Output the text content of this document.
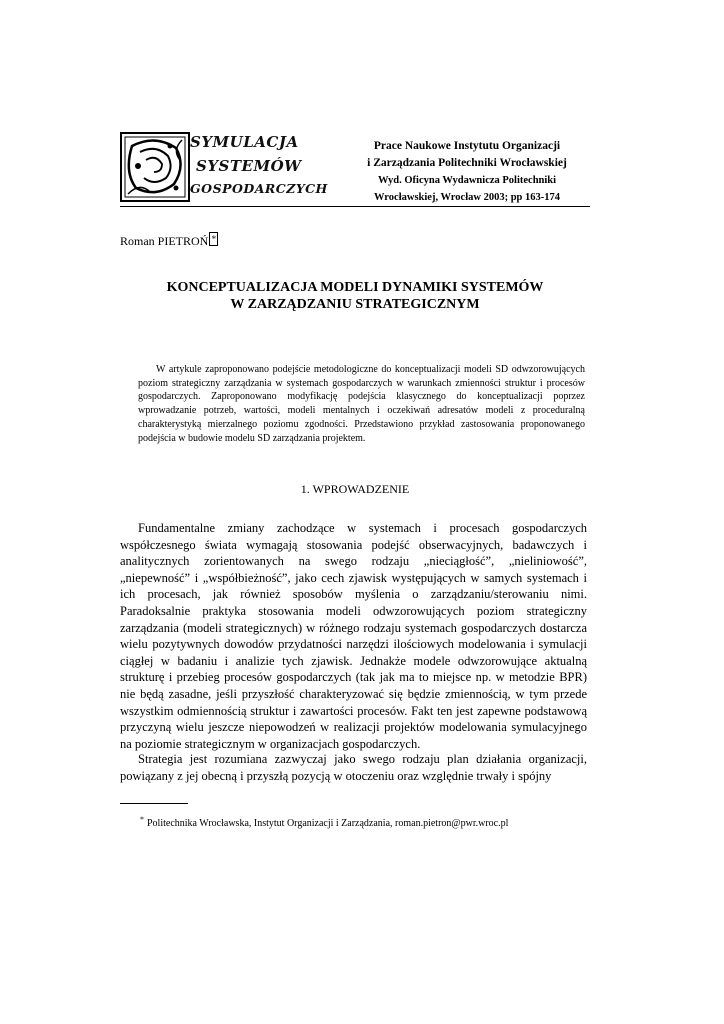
SYMULACJA
SYSTEMÓW
GOSPODARCZYCH
Prace Naukowe Instytutu Organizacji
i Zarządzania Politechniki Wrocławskiej
Wyd. Oficyna Wydawnicza Politechniki
Wrocławskiej, Wrocław 2003; pp 163-174
Roman PIETROŃ *
KONCEPTUALIZACJA MODELI DYNAMIKI SYSTEMÓW
W ZARZĄDZANIU STRATEGICZNYM
W artykule zaproponowano podejście metodologiczne do konceptualizacji modeli SD odwzorowujących poziom strategiczny zarządzania w systemach gospodarczych w warunkach zmienności struktur i procesów gospodarczych. Zaproponowano modyfikację podejścia klasycznego do konceptualizacji poprzez wprowadzanie potrzeb, wartości, modeli mentalnych i oczekiwań adresatów modeli z proceduralną charakterystyką mierzalnego poziomu zgodności. Przedstawiono przykład zastosowania proponowanego podejścia w budowie modelu SD zarządzania projektem.
1. WPROWADZENIE
Fundamentalne zmiany zachodzące w systemach i procesach gospodarczych współczesnego świata wymagają stosowania podejść obserwacyjnych, badawczych i analitycznych zorientowanych na swego rodzaju „nieciągłość”, „nieliniowość”, „niepewność” i „współbieżność”, jako cech zjawisk występujących w samych systemach i ich procesach, jak również sposobów myślenia o zarządzaniu/sterowaniu nimi. Paradoksalnie praktyka stosowania modeli odwzorowujących poziom strategiczny zarządzania (modeli strategicznych) w różnego rodzaju systemach gospodarczych dostarcza wielu pozytywnych dowodów przydatności narzędzi ilościowych modelowania i symulacji ciągłej w badaniu i analizie tych zjawisk. Jednakże modele odwzorowujące aktualną strukturę i przebieg procesów gospodarczych (tak jak ma to miejsce np. w metodzie BPR) nie będą zasadne, jeśli przyszłość charakteryzować się będzie zmiennością, w tym przede wszystkim odmiennością struktur i zawartości procesów. Fakt ten jest zapewne podstawową przyczyną wielu jeszcze niepowodzeń w realizacji projektów modelowania symulacyjnego na poziomie strategicznym w organizacjach gospodarczych.
Strategia jest rozumiana zazwyczaj jako swego rodzaju plan działania organizacji, powiązany z jej obecną i przyszłą pozycją w otoczeniu oraz względnie trwały i spójny
* Politechnika Wrocławska, Instytut Organizacji i Zarządzania, roman.pietron@pwr.wroc.pl
